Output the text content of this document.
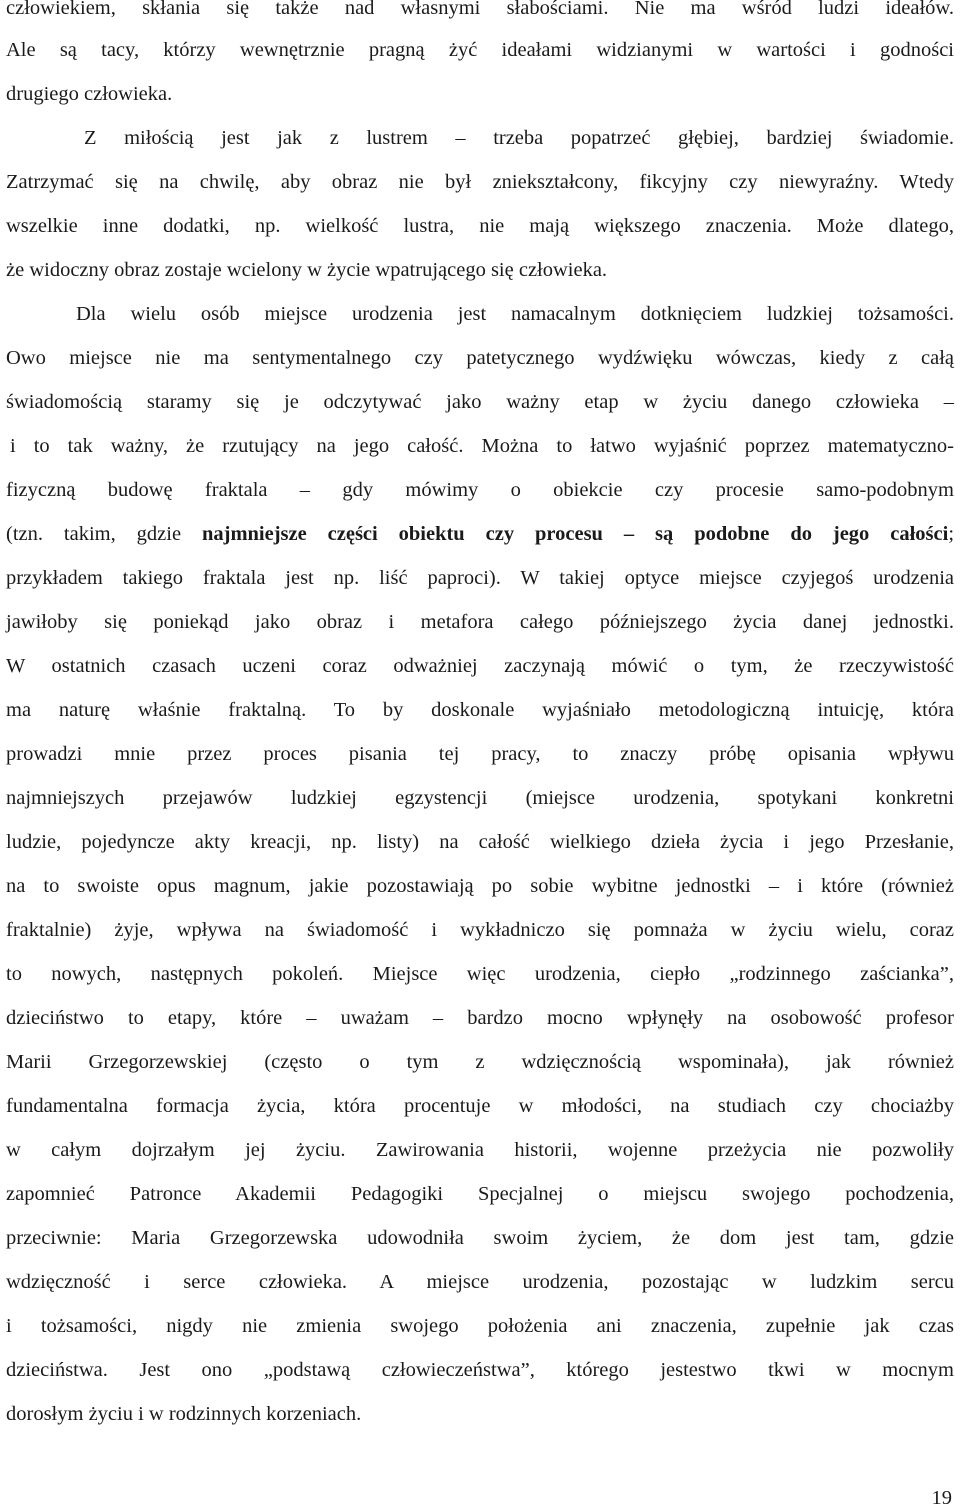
człowiekiem, skłania się także nad własnymi słabościami. Nie ma wśród ludzi ideałów.

Ale są tacy, którzy wewnętrznie pragną żyć ideałami widzianymi w wartości i godności

drugiego człowieka.

Z miłością jest jak z lustrem – trzeba popatrzeć głębiej, bardziej świadomie.

Zatrzymać się na chwilę, aby obraz nie był zniekształcony, fikcyjny czy niewyraźny. Wtedy

wszelkie inne dodatki, np. wielkość lustra, nie mają większego znaczenia. Może dlatego,

że widoczny obraz zostaje wcielony w życie wpatrującego się człowieka.

Dla wielu osób miejsce urodzenia jest namacalnym dotknięciem ludzkiej tożsamości.

Owo miejsce nie ma sentymentalnego czy patetycznego wydźwięku wówczas, kiedy z całą

świadomością staramy się je odczytywać jako ważny etap w życiu danego człowieka –

i to tak ważny, że rzutujący na jego całość. Można to łatwo wyjaśnić poprzez matematyczno-

fizyczną budowę fraktala – gdy mówimy o obiekcie czy procesie samo-podobnym

(tzn. takim, gdzie najmniejsze części obiektu czy procesu – są podobne do jego całości;

przykładem takiego fraktala jest np. liść paproci). W takiej optyce miejsce czyjegoś urodzenia

jawiłoby się poniekąd jako obraz i metafora całego późniejszego życia danej jednostki.

W ostatnich czasach uczeni coraz odważniej zaczynają mówić o tym, że rzeczywistość

ma naturę właśnie fraktalną. To by doskonale wyjaśniało metodologiczną intuicję, która

prowadzi mnie przez proces pisania tej pracy, to znaczy próbę opisania wpływu

najmniejszych przejawów ludzkiej egzystencji (miejsce urodzenia, spotykani konkretni

ludzie, pojedyncze akty kreacji, np. listy) na całość wielkiego dzieła życia i jego Przesłanie,

na to swoiste opus magnum, jakie pozostawiają po sobie wybitne jednostki – i które (również

fraktalnie) żyje, wpływa na świadomość i wykładniczo się pomnaża w życiu wielu, coraz

to nowych, następnych pokoleń. Miejsce więc urodzenia, ciepło „rodzinnego zaścianka”,

dzieciństwo to etapy, które – uważam – bardzo mocno wpłynęły na osobowość profesor

Marii Grzegorzewskiej (często o tym z wdzięcznością wspominała), jak również

fundamentalna formacja życia, która procentuje w młodości, na studiach czy chociażby

w całym dojrzałym jej życiu. Zawirowania historii, wojenne przeżycia nie pozwoliły

zapomnieć Patronce Akademii Pedagogiki Specjalnej o miejscu swojego pochodzenia,

przeciwnie: Maria Grzegorzewska udowodniła swoim życiem, że dom jest tam, gdzie

wdzięczność i serce człowieka. A miejsce urodzenia, pozostając w ludzkim sercu

i tożsamości, nigdy nie zmienia swojego położenia ani znaczenia, zupełnie jak czas

dzieciństwa. Jest ono „podstawą człowieczeństwa”, którego jestestwo tkwi w mocnym

dorosłym życiu i w rodzinnych korzeniach.

19
